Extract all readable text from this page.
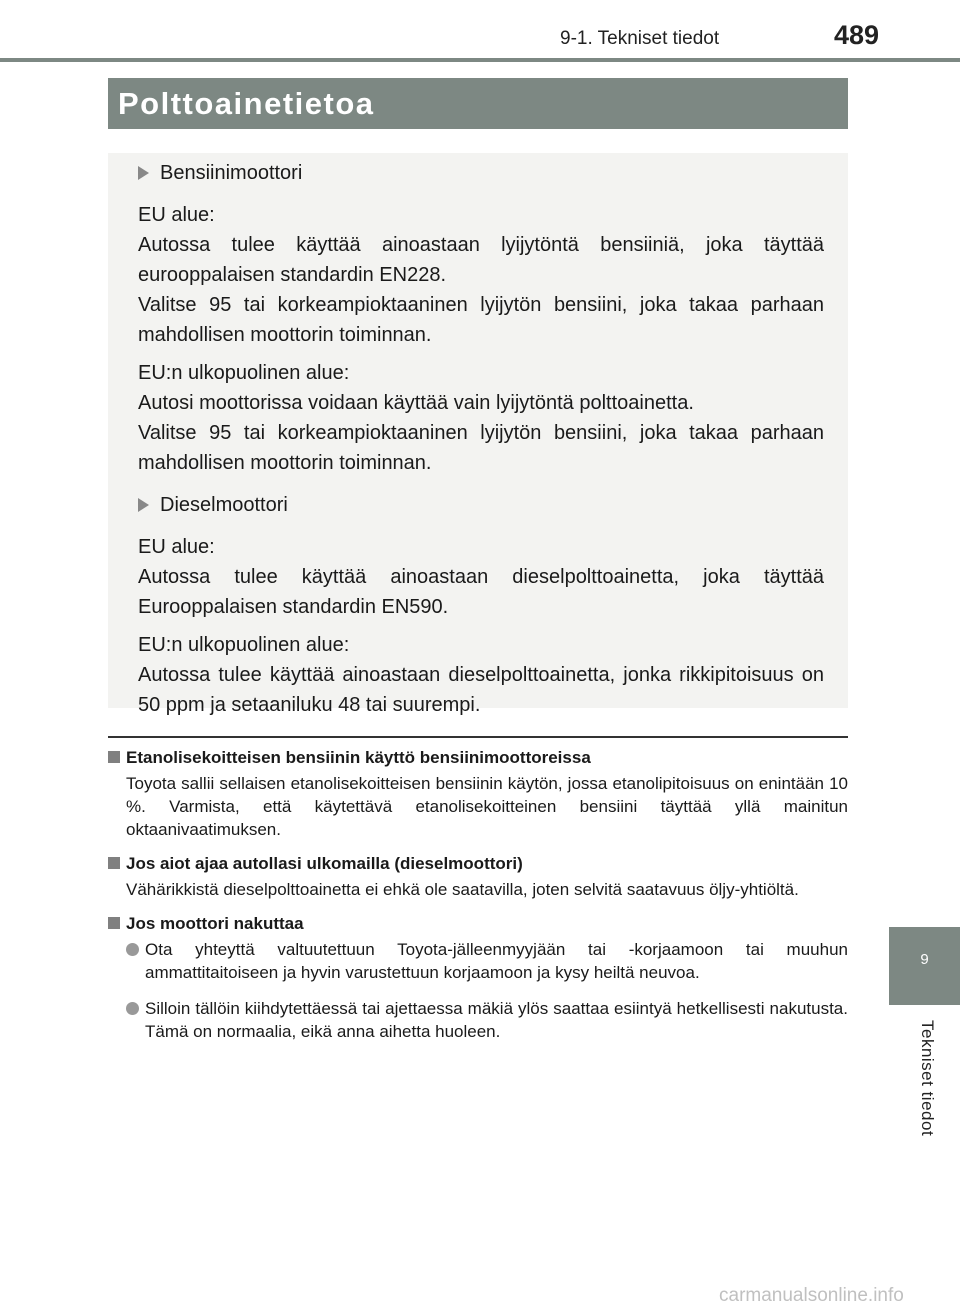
9-1. Tekniset tiedot	489
Polttoainetietoa
9
Tekniset tiedot
Bensiinimoottori

EU alue:

Autossa tulee käyttää ainoastaan lyijytöntä bensiiniä, joka täyttää eurooppalaisen standardin EN228.

Valitse 95 tai korkeampioktaaninen lyijytön bensiini, joka takaa parhaan mahdollisen moottorin toiminnan.

EU:n ulkopuolinen alue:

Autosi moottorissa voidaan käyttää vain lyijytöntä polttoainetta.

Valitse 95 tai korkeampioktaaninen lyijytön bensiini, joka takaa parhaan mahdollisen moottorin toiminnan.

Dieselmoottori

EU alue:

Autossa tulee käyttää ainoastaan dieselpolttoainetta, joka täyttää Eurooppalaisen standardin EN590.

EU:n ulkopuolinen alue:

Autossa tulee käyttää ainoastaan dieselpolttoainetta, jonka rikkipitoisuus on 50 ppm ja setaaniluku 48 tai suurempi.

Etanolisekoitteisen bensiinin käyttö bensiinimoottoreissa

Toyota sallii sellaisen etanolisekoitteisen bensiinin käytön, jossa etanolipitoisuus on enintään 10 %. Varmista, että käytettävä etanolisekoitteinen bensiini täyttää yllä mainitun oktaanivaatimuksen.

Jos aiot ajaa autollasi ulkomailla (dieselmoottori)

Vähärikkistä dieselpolttoainetta ei ehkä ole saatavilla, joten selvitä saatavuus öljy-yhtiöltä.

Jos moottori nakuttaa
Ota yhteyttä valtuutettuun Toyota-jälleenmyyjään tai -korjaamoon tai muuhun ammattitaitoiseen ja hyvin varustettuun korjaamoon ja kysy heiltä neuvoa.
Silloin tällöin kiihdytettäessä tai ajettaessa mäkiä ylös saattaa esiintyä hetkellisesti nakutusta. Tämä on normaalia, eikä anna aihetta huoleen.
carmanualsonline.info
